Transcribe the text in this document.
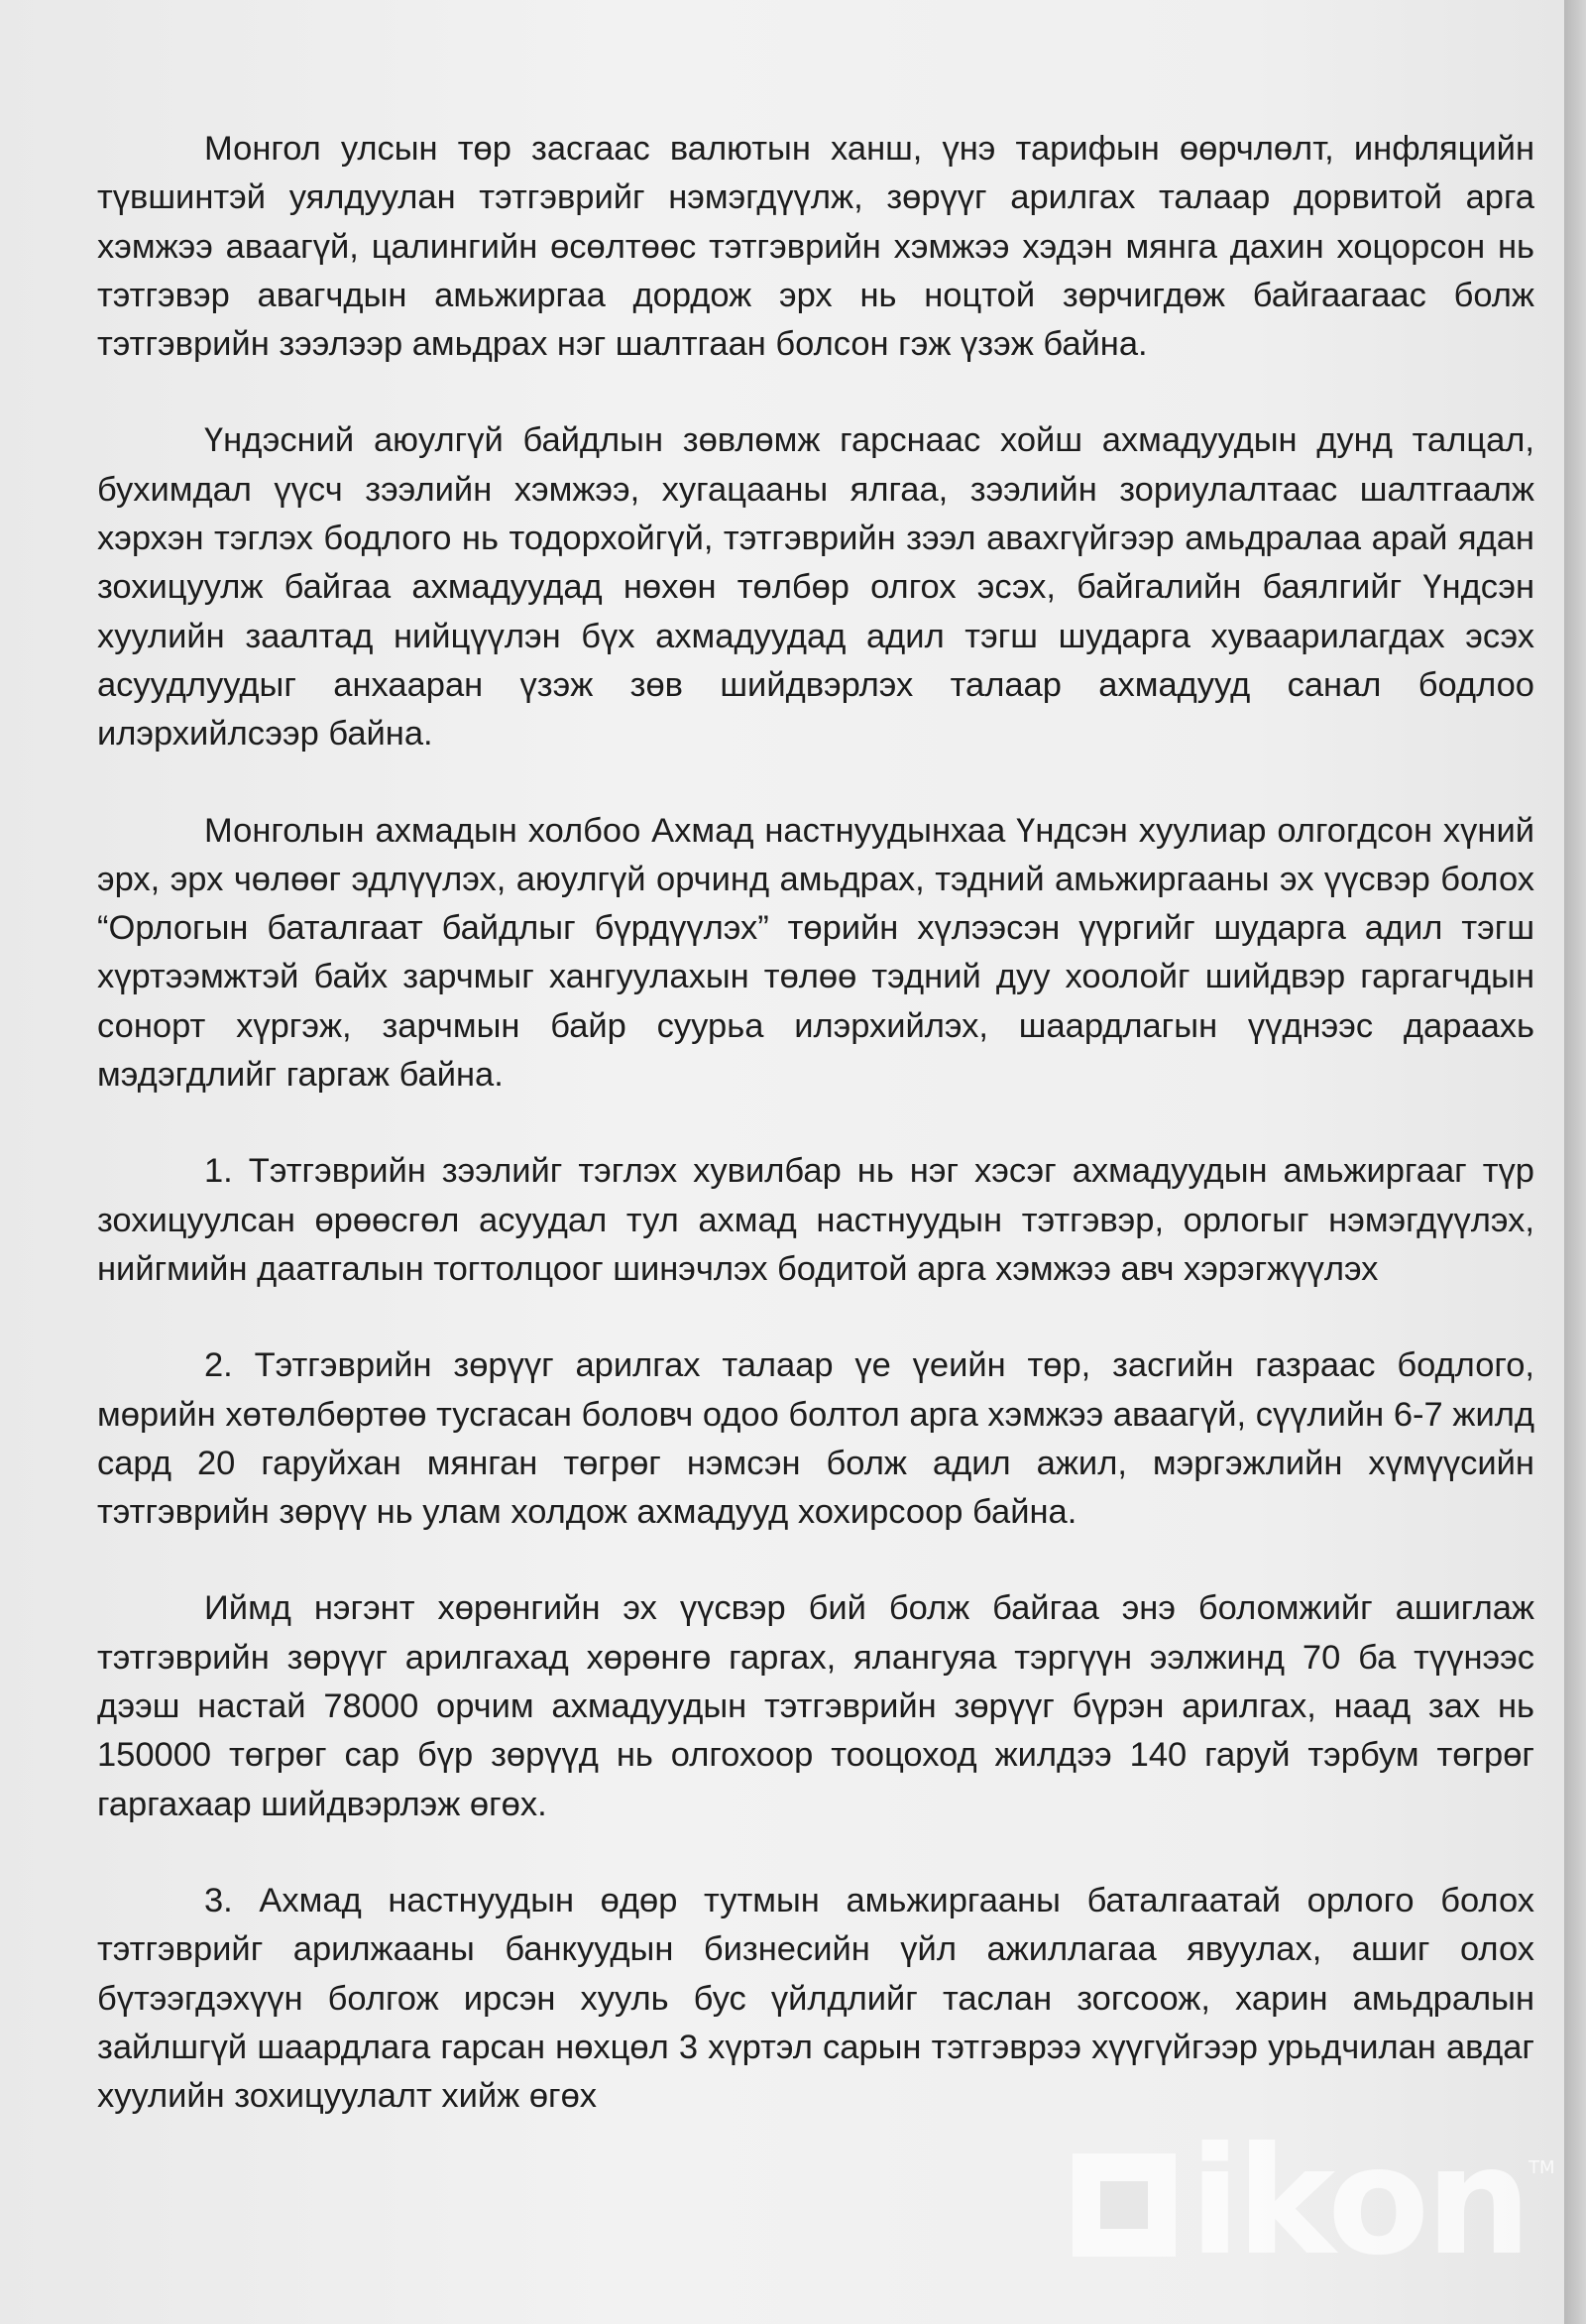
Монгол улсын төр засгаас валютын ханш, үнэ тарифын өөрчлөлт, инфляцийн түвшинтэй уялдуулан тэтгэврийг нэмэгдүүлж, зөрүүг арилгах талаар дорвитой арга хэмжээ аваагүй, цалингийн өсөлтөөс тэтгэврийн хэмжээ хэдэн мянга дахин хоцорсон нь тэтгэвэр авагчдын амьжиргаа дордож эрх нь ноцтой зөрчигдөж байгаагаас болж тэтгэврийн зээлээр амьдрах нэг шалтгаан болсон гэж үзэж байна.

Үндэсний аюулгүй байдлын зөвлөмж гарснаас хойш ахмадуудын дунд талцал, бухимдал үүсч зээлийн хэмжээ, хугацааны ялгаа, зээлийн зориулалтаас шалтгаалж хэрхэн тэглэх бодлого нь тодорхойгүй, тэтгэврийн зээл авахгүйгээр амьдралаа арай ядан зохицуулж байгаа ахмадуудад нөхөн төлбөр олгох эсэх, байгалийн баялгийг Үндсэн хуулийн заалтад нийцүүлэн бүх ахмадуудад адил тэгш шударга хуваарилагдах эсэх асуудлуудыг анхааран үзэж зөв шийдвэрлэх талаар ахмадууд санал бодлоо илэрхийлсээр байна.

Монголын ахмадын холбоо Ахмад настнуудынхаа Үндсэн хуулиар олгогдсон хүний эрх, эрх чөлөөг эдлүүлэх, аюулгүй орчинд амьдрах, тэдний амьжиргааны эх үүсвэр болох “Орлогын баталгаат байдлыг бүрдүүлэх” төрийн хүлээсэн үүргийг шударга адил тэгш хүртээмжтэй байх зарчмыг хангуулахын төлөө тэдний дуу хоолойг шийдвэр гаргагчдын сонорт хүргэж, зарчмын байр суурьа илэрхийлэх, шаардлагын үүднээс дараахь мэдэгдлийг гаргаж байна.

1. Тэтгэврийн зээлийг тэглэх хувилбар нь нэг хэсэг ахмадуудын амьжиргааг түр зохицуулсан өрөөсгөл асуудал тул ахмад настнуудын тэтгэвэр, орлогыг нэмэгдүүлэх, нийгмийн даатгалын тогтолцоог шинэчлэх бодитой арга хэмжээ авч хэрэгжүүлэх

2. Тэтгэврийн зөрүүг арилгах талаар үе үеийн төр, засгийн газраас бодлого, мөрийн хөтөлбөртөө тусгасан боловч одоо болтол арга хэмжээ аваагүй, сүүлийн 6-7 жилд сард 20 гаруйхан мянган төгрөг нэмсэн болж адил ажил, мэргэжлийн хүмүүсийн тэтгэврийн зөрүү нь улам холдож ахмадууд хохирсоор байна.

Иймд нэгэнт хөрөнгийн эх үүсвэр бий болж байгаа энэ боломжийг ашиглаж тэтгэврийн зөрүүг арилгахад хөрөнгө гаргах, ялангуяа тэргүүн ээлжинд 70 ба түүнээс дээш настай 78000 орчим ахмадуудын тэтгэврийн зөрүүг бүрэн арилгах, наад зах нь 150000 төгрөг сар бүр зөрүүд нь олгохоор тооцоход жилдээ 140 гаруй тэрбум төгрөг гаргахаар шийдвэрлэж өгөх.

3. Ахмад настнуудын өдөр тутмын амьжиргааны баталгаатай орлого болох тэтгэврийг арилжааны банкуудын бизнесийн үйл ажиллагаа явуулах, ашиг олох бүтээгдэхүүн болгож ирсэн хууль бус үйлдлийг таслан зогсоож, харин амьдралын зайлшгүй шаардлага гарсан нөхцөл 3 хүртэл сарын тэтгэврээ хүүгүйгээр урьдчилан авдаг хуулийн зохицуулалт хийж өгөх

ikon TM
